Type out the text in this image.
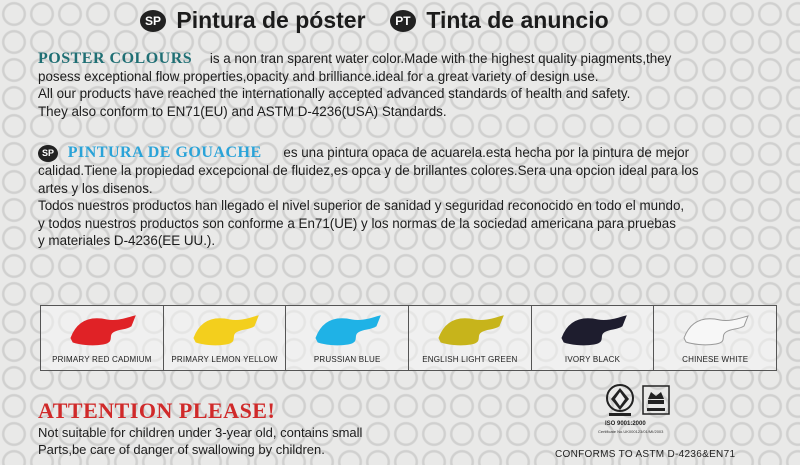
SP Pintura de póster PT Tinta de anuncio
POSTER COLOURS is a non tran sparent water color.Made with the highest quality piagments,they
posess exceptional flow properties,opacity and brilliance.ideal for a great variety of design use.
All our products have reached the internationally accepted advanced standards of health and safety.
They also conform to EN71(EU) and ASTM D-4236(USA) Standards.
SP PINTURA DE GOUACHE es una pintura opaca de acuarela.esta hecha por la pintura de mejor
calidad.Tiene la propiedad excepcional de fluidez,es opca y de brillantes colores.Sera una opcion ideal para los
artes y los disenos.
Todos nuestros productos han llegado el nivel superior de sanidad y seguridad reconocido en todo el mundo,
y todos nuestros productos son conforme a En71(UE) y los normas de la sociedad americana para pruebas
y materiales D-4236(EE UU.).
PRIMARY RED CADMIUM	PRIMARY LEMON YELLOW	PRUSSIAN BLUE	ENGLISH LIGHT GREEN	IVORY BLACK	CHINESE WHITE
ATTENTION PLEASE!
Not suitable for children under 3-year old, contains small
Parts,be care of danger of swallowing by children.
ISO 9001:2000
Certificate No.UK000123/01/MI/2003
CONFORMS TO ASTM D-4236&EN71
